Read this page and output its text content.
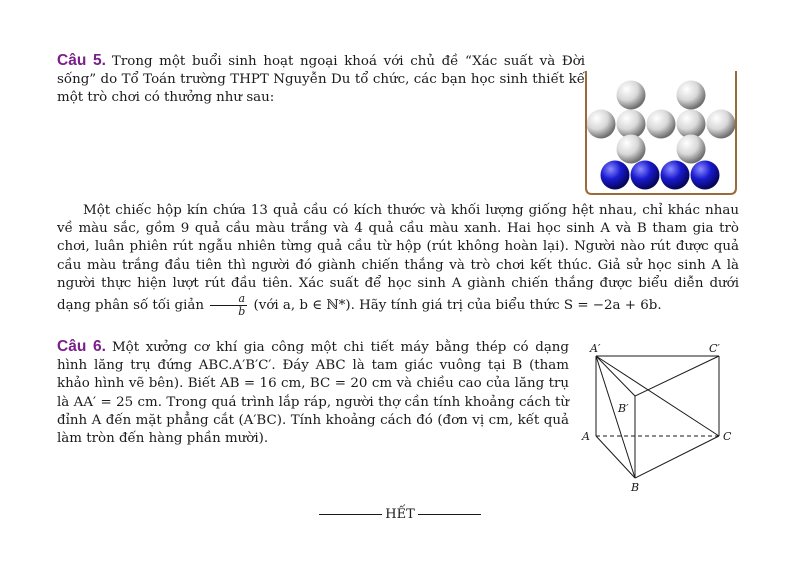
Câu 5. Trong một buổi sinh hoạt ngoại khoá với chủ đề “Xác suất và Đời sống” do Tổ Toán trường THPT Nguyễn Du tổ chức, các bạn học sinh thiết kế một trò chơi có thưởng như sau:
Một chiếc hộp kín chứa 13 quả cầu có kích thước và khối lượng giống hệt nhau, chỉ khác nhau về màu sắc, gồm 9 quả cầu màu trắng và 4 quả cầu màu xanh. Hai học sinh A và B tham gia trò chơi, luân phiên rút ngẫu nhiên từng quả cầu từ hộp (rút không hoàn lại). Người nào rút được quả cầu màu trắng đầu tiên thì người đó giành chiến thắng và trò chơi kết thúc. Giả sử học sinh A là người thực hiện lượt rút đầu tiên. Xác suất để học sinh A giành chiến thắng được biểu diễn dưới dạng phân số tối giản $\frac{a}{b}$ (với a, b ∈ ℕ*). Hãy tính giá trị của biểu thức S = −2a + 6b.
Câu 6. Một xưởng cơ khí gia công một chi tiết máy bằng thép có dạng hình lăng trụ đứng ABC.A′B′C′. Đáy ABC là tam giác vuông tại B (tham khảo hình vẽ bên). Biết AB = 16 cm, BC = 20 cm và chiều cao của lăng trụ là AA′ = 25 cm. Trong quá trình lắp ráp, người thợ cần tính khoảng cách từ đỉnh A đến mặt phẳng cắt (A′BC). Tính khoảng cách đó (đơn vị cm, kết quả làm tròn đến hàng phần mười).
A′	C′
B′
A	C
B
HẾT
